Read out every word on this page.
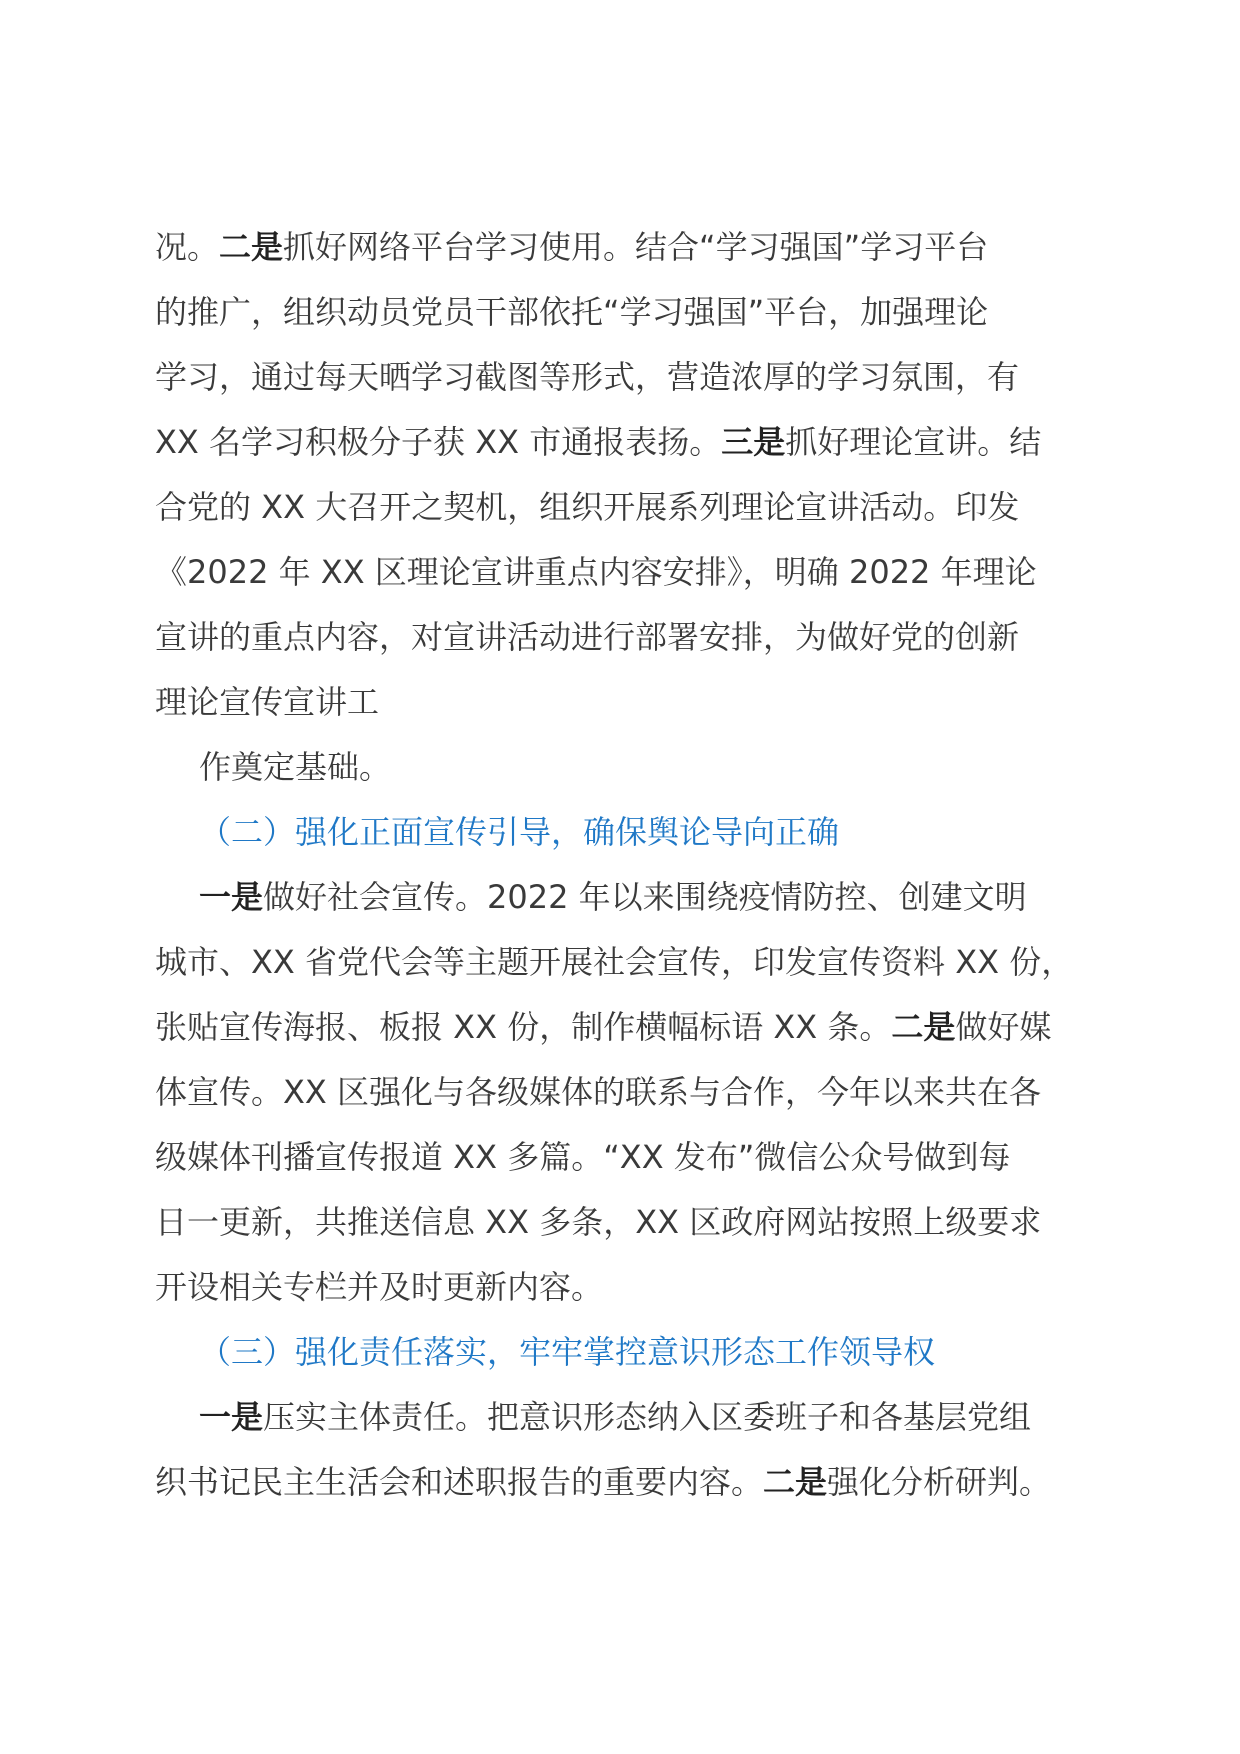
况。二是抓好网络平台学习使用。结合“学习强国”学习平台
的推广，组织动员党员干部依托“学习强国”平台，加强理论
学习，通过每天晒学习截图等形式，营造浓厚的学习氛围，有
XX 名学习积极分子获 XX 市通报表扬。三是抓好理论宣讲。结
合党的 XX 大召开之契机，组织开展系列理论宣讲活动。印发
《2022 年 XX 区理论宣讲重点内容安排》，明确 2022 年理论
宣讲的重点内容，对宣讲活动进行部署安排，为做好党的创新
理论宣传宣讲工
作奠定基础。
（二）强化正面宣传引导，确保舆论导向正确
一是做好社会宣传。2022 年以来围绕疫情防控、创建文明
城市、XX 省党代会等主题开展社会宣传，印发宣传资料 XX 份，
张贴宣传海报、板报 XX 份，制作横幅标语 XX 条。二是做好媒
体宣传。XX 区强化与各级媒体的联系与合作，今年以来共在各
级媒体刊播宣传报道 XX 多篇。“XX 发布”微信公众号做到每
日一更新，共推送信息 XX 多条，XX 区政府网站按照上级要求
开设相关专栏并及时更新内容。
（三）强化责任落实，牢牢掌控意识形态工作领导权
一是压实主体责任。把意识形态纳入区委班子和各基层党组
织书记民主生活会和述职报告的重要内容。二是强化分析研判。
